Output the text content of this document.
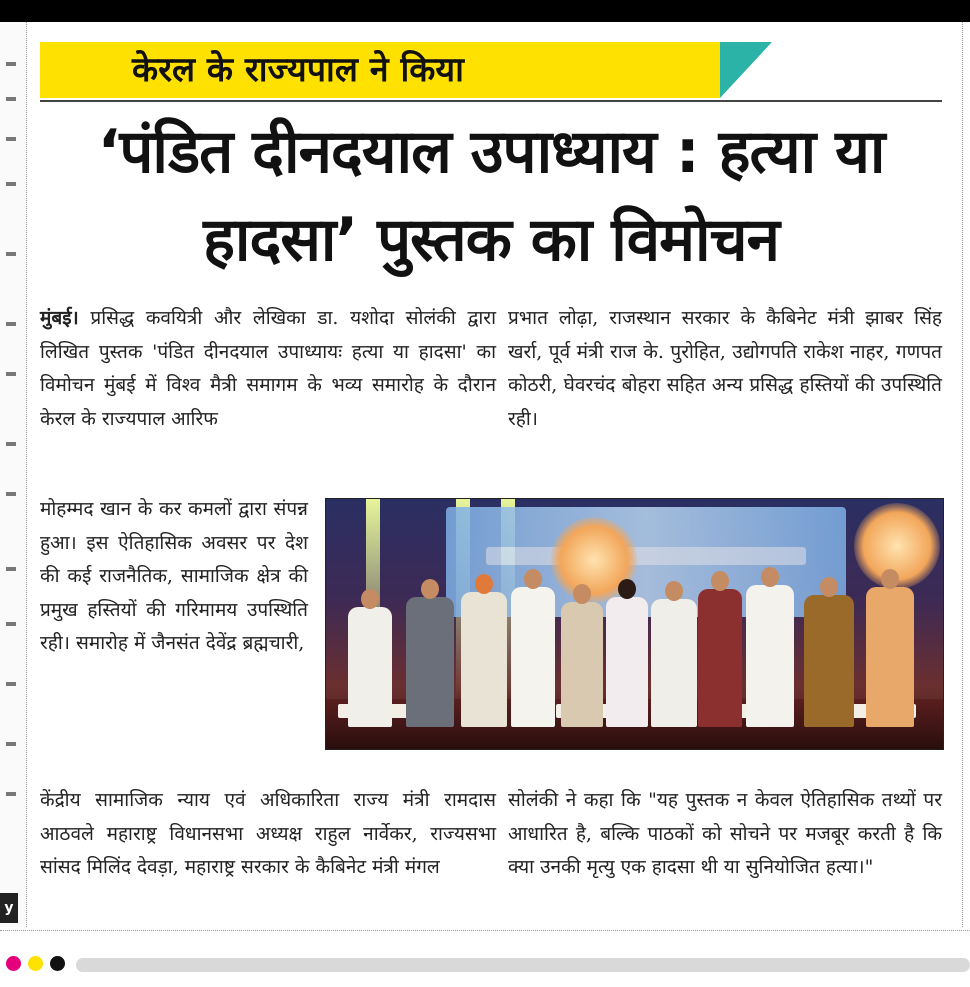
केरल के राज्यपाल ने किया
‘पंडित दीनदयाल उपाध्याय : हत्या या हादसा’ पुस्तक का विमोचन
मुंबई। प्रसिद्ध कवयित्री और लेखिका डा. यशोदा सोलंकी द्वारा लिखित पुस्तक 'पंडित दीनदयाल उपाध्यायः हत्या या हादसा' का विमोचन मुंबई में विश्व मैत्री समागम के भव्य समारोह के दौरान केरल के राज्यपाल आरिफ
प्रभात लोढ़ा, राजस्थान सरकार के कैबिनेट मंत्री झाबर सिंह खर्रा, पूर्व मंत्री राज के. पुरोहित, उद्योगपति राकेश नाहर, गणपत कोठरी, घेवरचंद बोहरा सहित अन्य प्रसिद्ध हस्तियों की उपस्थिति रही।
मोहम्मद खान के कर कमलों द्वारा संपन्न हुआ। इस ऐतिहासिक अवसर पर देश की कई राजनैतिक, सामाजिक क्षेत्र की प्रमुख हस्तियों की गरिमामय उपस्थिति रही। समारोह में जैनसंत देवेंद्र ब्रह्मचारी,
केंद्रीय सामाजिक न्याय एवं अधिकारिता राज्य मंत्री रामदास आठवले महाराष्ट्र विधानसभा अध्यक्ष राहुल नार्वेकर, राज्यसभा सांसद मिलिंद देवड़ा, महाराष्ट्र सरकार के कैबिनेट मंत्री मंगल
सोलंकी ने कहा कि "यह पुस्तक न केवल ऐतिहासिक तथ्यों पर आधारित है, बल्कि पाठकों को सोचने पर मजबूर करती है कि क्या उनकी मृत्यु एक हादसा थी या सुनियोजित हत्या।"
y
